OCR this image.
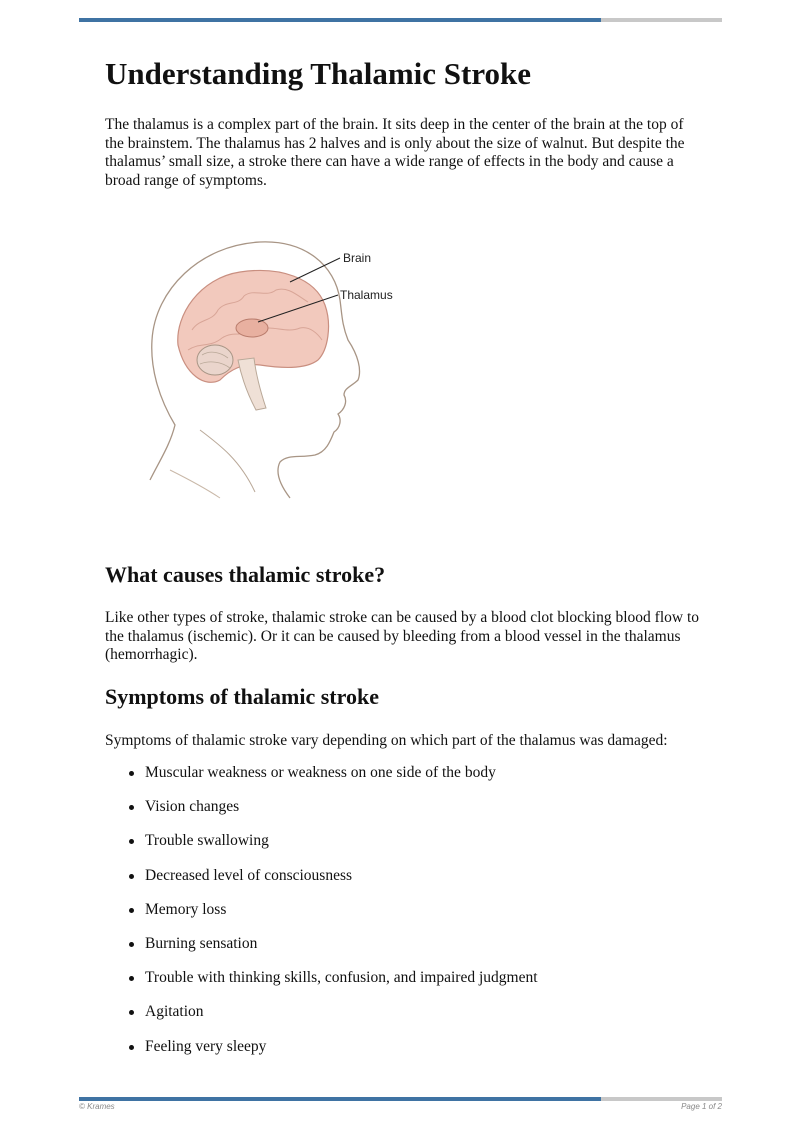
Understanding Thalamic Stroke

The thalamus is a complex part of the brain. It sits deep in the center of the brain at the top of the brainstem. The thalamus has 2 halves and is only about the size of walnut. But despite the thalamus’ small size, a stroke there can have a wide range of effects in the body and cause a broad range of symptoms.

Brain
Thalamus
What causes thalamic stroke?

Like other types of stroke, thalamic stroke can be caused by a blood clot blocking blood flow to the thalamus (ischemic). Or it can be caused by bleeding from a blood vessel in the thalamus (hemorrhagic).

Symptoms of thalamic stroke

Symptoms of thalamic stroke vary depending on which part of the thalamus was damaged:

Muscular weakness or weakness on one side of the body
Vision changes
Trouble swallowing
Decreased level of consciousness
Memory loss
Burning sensation
Trouble with thinking skills, confusion, and impaired judgment
Agitation
Feeling very sleepy
© Krames	Page 1 of 2
